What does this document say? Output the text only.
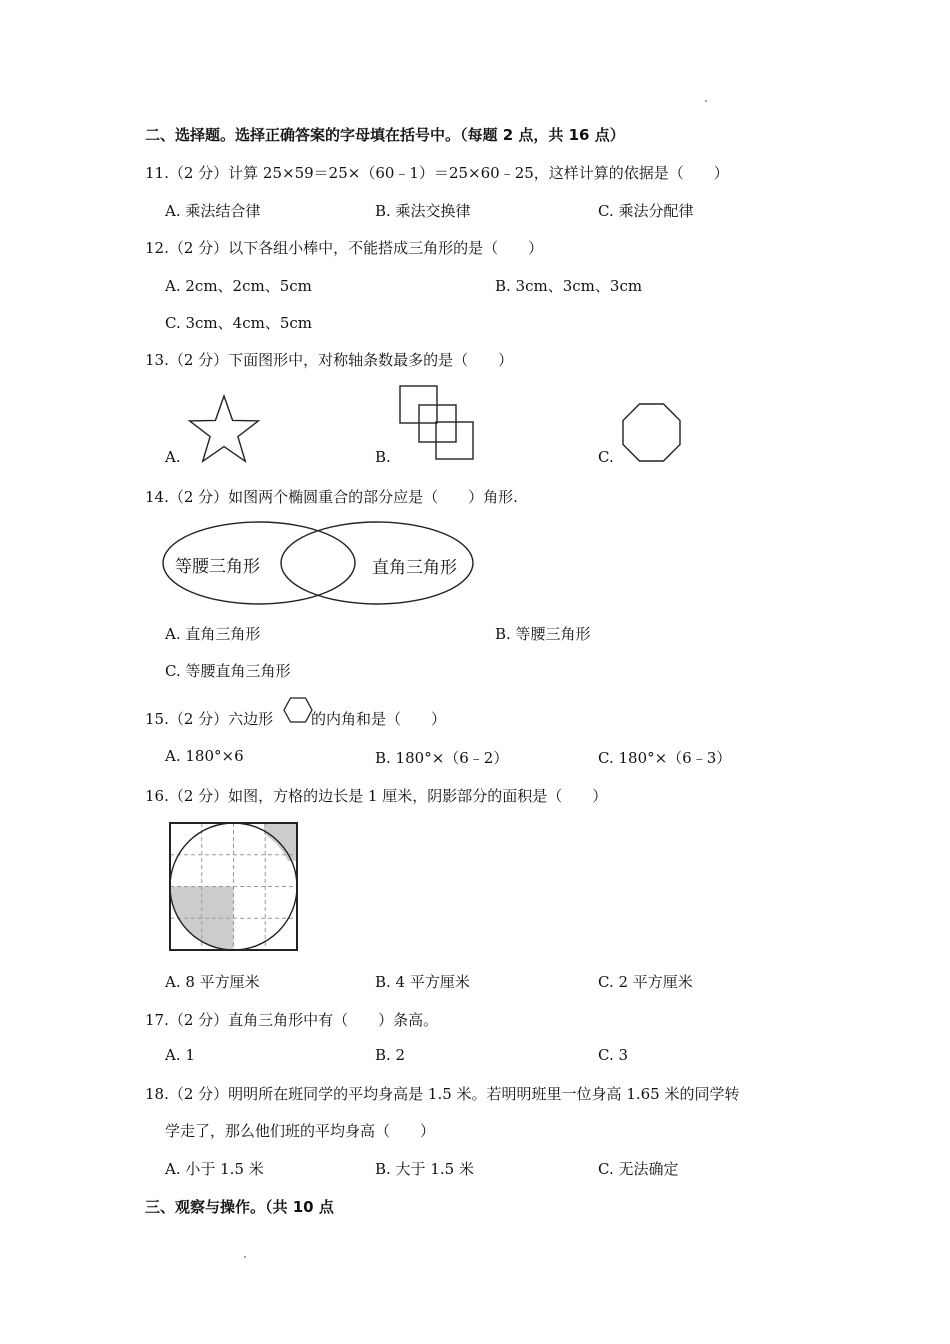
二、选择题。选择正确答案的字母填在括号中。（每题 2 点，共 16 点）
11.（2 分）计算 25×59＝25×（60﹣1）＝25×60﹣25，这样计算的依据是（　　）
A. 乘法结合律	B. 乘法交换律	C. 乘法分配律
12.（2 分）以下各组小棒中，不能搭成三角形的是（　　）
A. 2cm、2cm、5cm	B. 3cm、3cm、3cm
C. 3cm、4cm、5cm
13.（2 分）下面图形中，对称轴条数最多的是（　　）
A.	B.	C.
14.（2 分）如图两个椭圆重合的部分应是（　　）角形.
等腰三角形	直角三角形
A. 直角三角形	B. 等腰三角形
C. 等腰直角三角形
15.（2 分）六边形	的内角和是（　　）
A. 180°×6	B. 180°×（6﹣2）	C. 180°×（6﹣3）
16.（2 分）如图，方格的边长是 1 厘米，阴影部分的面积是（　　）
A. 8 平方厘米	B. 4 平方厘米	C. 2 平方厘米
17.（2 分）直角三角形中有（　　）条高。
A. 1	B. 2	C. 3
18.（2 分）明明所在班同学的平均身高是 1.5 米。若明明班里一位身高 1.65 米的同学转
学走了，那么他们班的平均身高（　　）
A. 小于 1.5 米	B. 大于 1.5 米	C. 无法确定
三、观察与操作。（共 10 点
